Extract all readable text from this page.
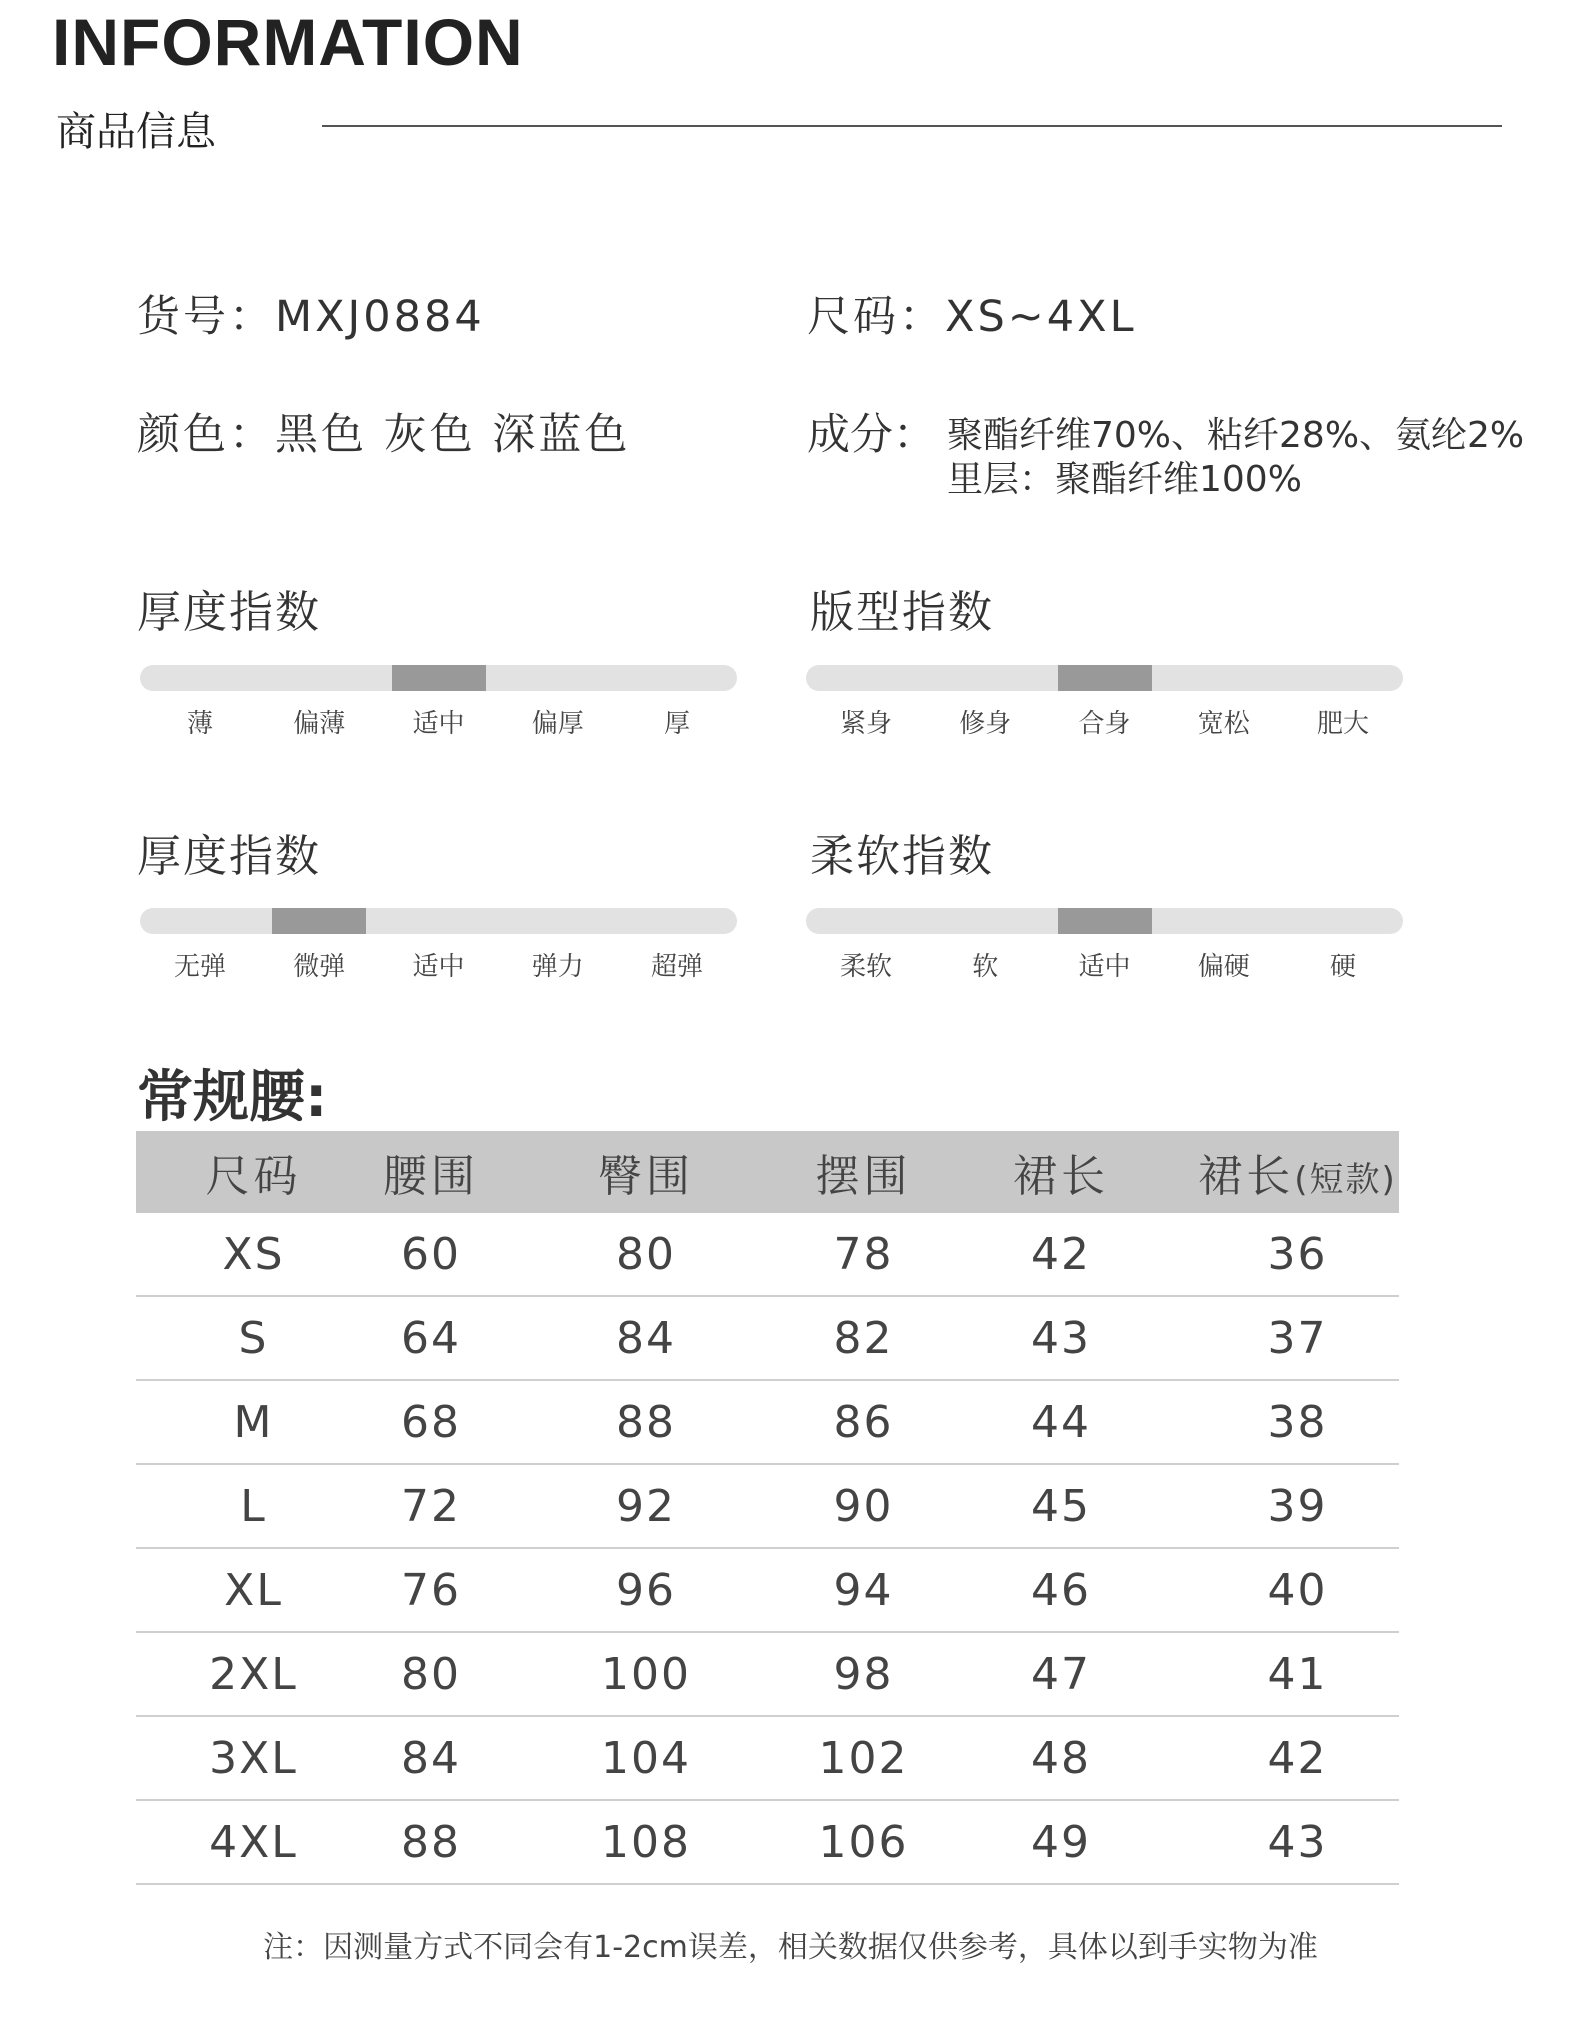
INFORMATION
商品信息
货号：MXJ0884	尺码：XS~4XL
颜色：黑色 灰色 深蓝色	成分： 聚酯纤维70%、粘纤28%、氨纶2%
里层：聚酯纤维100%
厚度指数
薄	偏薄	适中	偏厚	厚
版型指数
紧身	修身	合身	宽松	肥大
厚度指数
无弹	微弹	适中	弹力	超弹
柔软指数
柔软	软	适中	偏硬	硬
常规腰:
尺码	腰围	臀围	摆围	裙长	裙长(短款)
XS	60	80	78	42	36
S	64	84	82	43	37
M	68	88	86	44	38
L	72	92	90	45	39
XL	76	96	94	46	40
2XL	80	100	98	47	41
3XL	84	104	102	48	42
4XL	88	108	106	49	43
注：因测量方式不同会有1-2cm误差，相关数据仅供参考，具体以到手实物为准
